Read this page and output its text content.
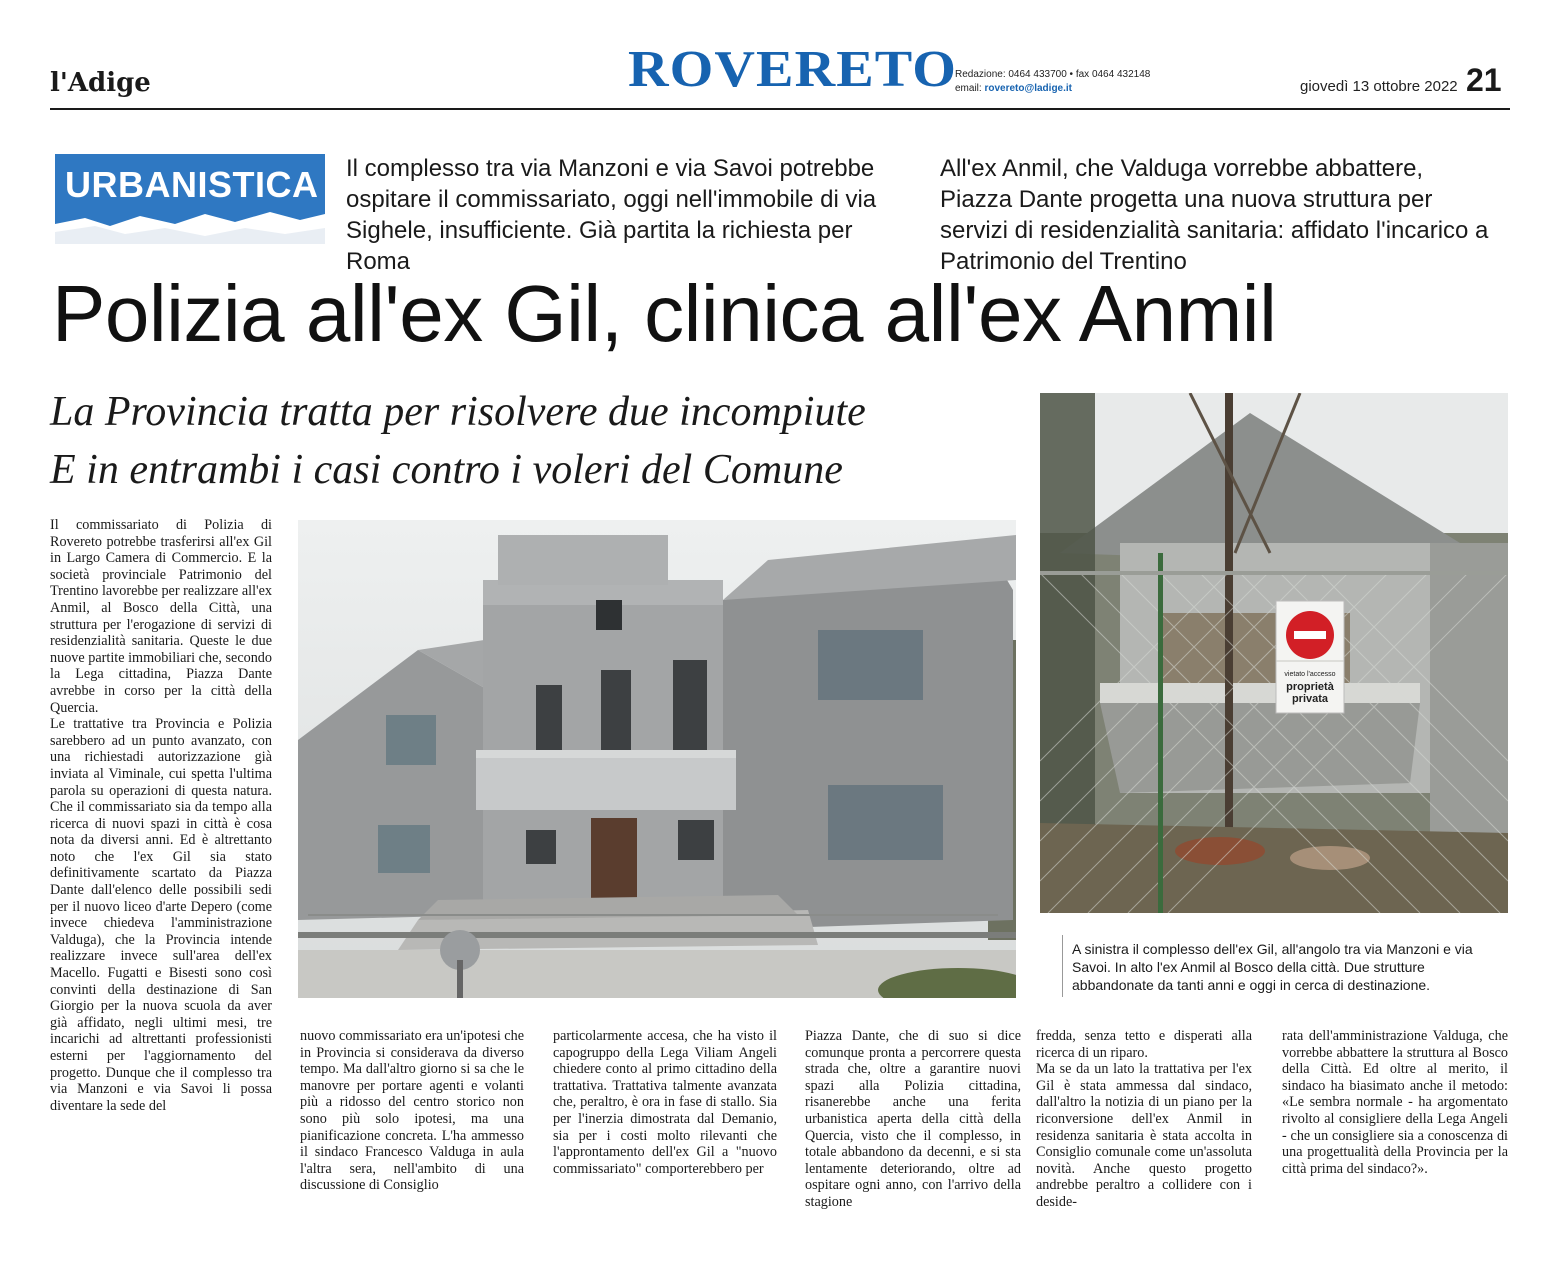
l'Adige	ROVERETO
Redazione: 0464 433700 • fax 0464 432148
email: rovereto@ladige.it	giovedì 13 ottobre 2022 21
URBANISTICA Il complesso tra via Manzoni e via Savoi potrebbe ospitare il commissariato, oggi nell'immobile di via Sighele, insufficiente. Già partita la richiesta per Roma
All'ex Anmil, che Valduga vorrebbe abbattere, Piazza Dante progetta una nuova struttura per servizi di residenzialità sanitaria: affidato l'incarico a Patrimonio del Trentino
Polizia all'ex Gil, clinica all'ex Anmil
La Provincia tratta per risolvere due incompiute
E in entrambi i casi contro i voleri del Comune
vietato l'accesso
proprietà
privata
A sinistra il complesso dell'ex Gil, all'angolo tra via Manzoni e via Savoi. In alto l'ex Anmil al Bosco della città. Due strutture abbandonate da tanti anni e oggi in cerca di destinazione.
Il commissariato di Polizia di Rovereto potrebbe trasferirsi all'ex Gil in Largo Camera di Commercio. E la società provinciale Patrimonio del Trentino lavorebbe per realizzare all'ex Anmil, al Bosco della Città, una struttura per l'erogazione di servizi di residenzialità sanitaria. Queste le due nuove partite immobiliari che, secondo la Lega cittadina, Piazza Dante avrebbe in corso per la città della Quercia.
Le trattative tra Provincia e Polizia sarebbero ad un punto avanzato, con una richiestadi autorizzazione già inviata al Viminale, cui spetta l'ultima parola su operazioni di questa natura. Che il commissariato sia da tempo alla ricerca di nuovi spazi in città è cosa nota da diversi anni. Ed è altrettanto noto che l'ex Gil sia stato definitivamente scartato da Piazza Dante dall'elenco delle possibili sedi per il nuovo liceo d'arte Depero (come invece chiedeva l'amministrazione Valduga), che la Provincia intende realizzare invece sull'area dell'ex Macello. Fugatti e Bisesti sono così convinti della destinazione di San Giorgio per la nuova scuola da aver già affidato, negli ultimi mesi, tre incarichi ad altrettanti professionisti esterni per l'aggiornamento del progetto. Dunque che il complesso tra via Manzoni e via Savoi li possa diventare la sede del
nuovo commissariato era un'ipotesi che in Provincia si considerava da diverso tempo. Ma dall'altro giorno si sa che le manovre per portare agenti e volanti più a ridosso del centro storico non sono più solo ipotesi, ma una pianificazione concreta. L'ha ammesso il sindaco Francesco Valduga in aula l'altra sera, nell'ambito di una discussione di Consiglio
particolarmente accesa, che ha visto il capogruppo della Lega Viliam Angeli chiedere conto al primo cittadino della trattativa. Trattativa talmente avanzata che, peraltro, è ora in fase di stallo. Sia per l'inerzia dimostrata dal Demanio, sia per i costi molto rilevanti che l'approntamento dell'ex Gil a "nuovo commissariato" comporterebbero per
Piazza Dante, che di suo si dice comunque pronta a percorrere questa strada che, oltre a garantire nuovi spazi alla Polizia cittadina, risanerebbe anche una ferita urbanistica aperta della città della Quercia, visto che il complesso, in totale abbandono da decenni, e si sta lentamente deteriorando, oltre ad ospitare ogni anno, con l'arrivo della stagione
fredda, senza tetto e disperati alla ricerca di un riparo.
Ma se da un lato la trattativa per l'ex Gil è stata ammessa dal sindaco, dall'altro la notizia di un piano per la riconversione dell'ex Anmil in residenza sanitaria è stata accolta in Consiglio comunale come un'assoluta novità. Anche questo progetto andrebbe peraltro a collidere con i deside-
rata dell'amministrazione Valduga, che vorrebbe abbattere la struttura al Bosco della Città. Ed oltre al merito, il sindaco ha biasimato anche il metodo: «Le sembra normale - ha argomentato rivolto al consigliere della Lega Angeli - che un consigliere sia a conoscenza di una progettualità della Provincia per la città prima del sindaco?».
